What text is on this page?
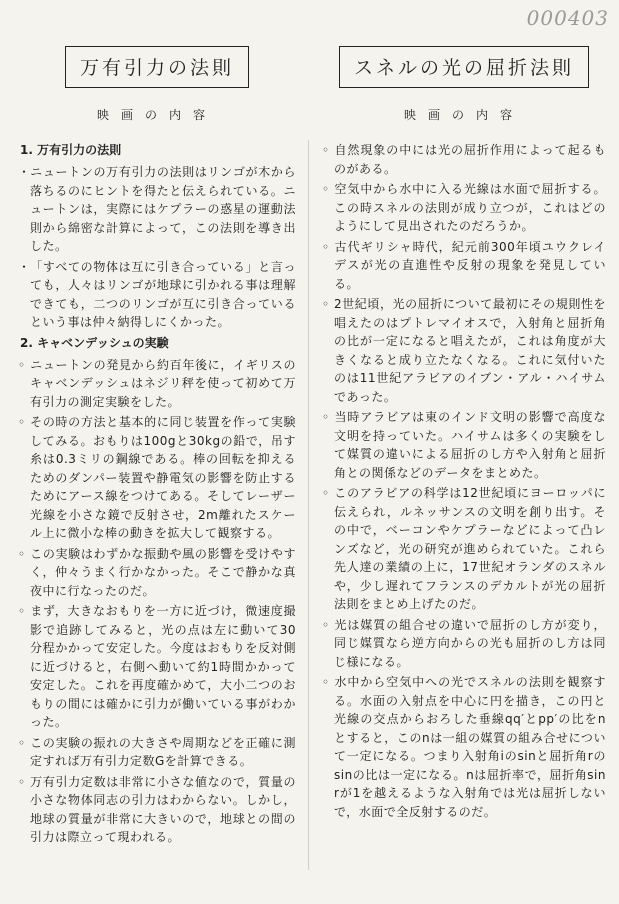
000403
万有引力の法則
映画の内容
1. 万有引力の法則

・ニュートンの万有引力の法則はリンゴが木から落ちるのにヒントを得たと伝えられている。ニュートンは，実際にはケプラーの惑星の運動法則から綿密な計算によって，この法則を導き出した。

・「すべての物体は互に引き合っている」と言っても，人々はリンゴが地球に引かれる事は理解できても，二つのリンゴが互に引き合っているという事は仲々納得しにくかった。

2. キャベンデッシュの実験

◦ ニュートンの発見から約百年後に，イギリスのキャベンデッシュはネジリ秤を使って初めて万有引力の測定実験をした。

◦ その時の方法と基本的に同じ装置を作って実験してみる。おもりは100gと30kgの鉛で，吊す糸は0.3ミリの鋼線である。棒の回転を抑えるためのダンパー装置や静電気の影響を防止するためにアース線をつけてある。そしてレーザー光線を小さな鏡で反射させ，2m離れたスケール上に微小な棒の動きを拡大して観察する。

◦ この実験はわずかな振動や風の影響を受けやすく，仲々うまく行かなかった。そこで静かな真夜中に行なったのだ。

◦ まず，大きなおもりを一方に近づけ，微速度撮影で追跡してみると，光の点は左に動いて30分程かかって安定した。今度はおもりを反対側に近づけると，右側へ動いて約1時間かかって安定した。これを再度確かめて，大小二つのおもりの間には確かに引力が働いている事がわかった。

◦ この実験の振れの大きさや周期などを正確に測定すれば万有引力定数Gを計算できる。

◦ 万有引力定数は非常に小さな値なので，質量の小さな物体同志の引力はわからない。しかし，地球の質量が非常に大きいので，地球との間の引力は際立って現われる。

スネルの光の屈折法則
映画の内容

◦ 自然現象の中には光の屈折作用によって起るものがある。

◦ 空気中から水中に入る光線は水面で屈折する。この時スネルの法則が成り立つが，これはどのようにして見出されたのだろうか。

◦ 古代ギリシャ時代，紀元前300年頃ユウクレイデスが光の直進性や反射の現象を発見している。

◦ 2世紀頃，光の屈折について最初にその規則性を唱えたのはプトレマイオスで，入射角と屈折角の比が一定になると唱えたが，これは角度が大きくなると成り立たなくなる。これに気付いたのは11世紀アラビアのイブン・アル・ハイサムであった。

◦ 当時アラビアは東のインド文明の影響で高度な文明を持っていた。ハイサムは多くの実験をして媒質の違いによる屈折のし方や入射角と屈折角との関係などのデータをまとめた。

◦ このアラビアの科学は12世紀頃にヨーロッパに伝えられ，ルネッサンスの文明を創り出す。その中で，ベーコンやケプラーなどによって凸レンズなど，光の研究が進められていた。これら先人達の業績の上に，17世紀オランダのスネルや，少し遅れてフランスのデカルトが光の屈折法則をまとめ上げたのだ。

◦ 光は媒質の組合せの違いで屈折のし方が変り，同じ媒質なら逆方向からの光も屈折のし方は同じ様になる。

◦ 水中から空気中への光でスネルの法則を観察する。水面の入射点を中心に円を描き，この円と光線の交点からおろした垂線qq′とpp′の比をnとすると，このnは一組の媒質の組み合せについて一定になる。つまり入射角iのsinと屈折角rのsinの比は一定になる。nは屈折率で，屈折角sin rが1を越えるような入射角では光は屈折しないで，水面で全反射するのだ。
